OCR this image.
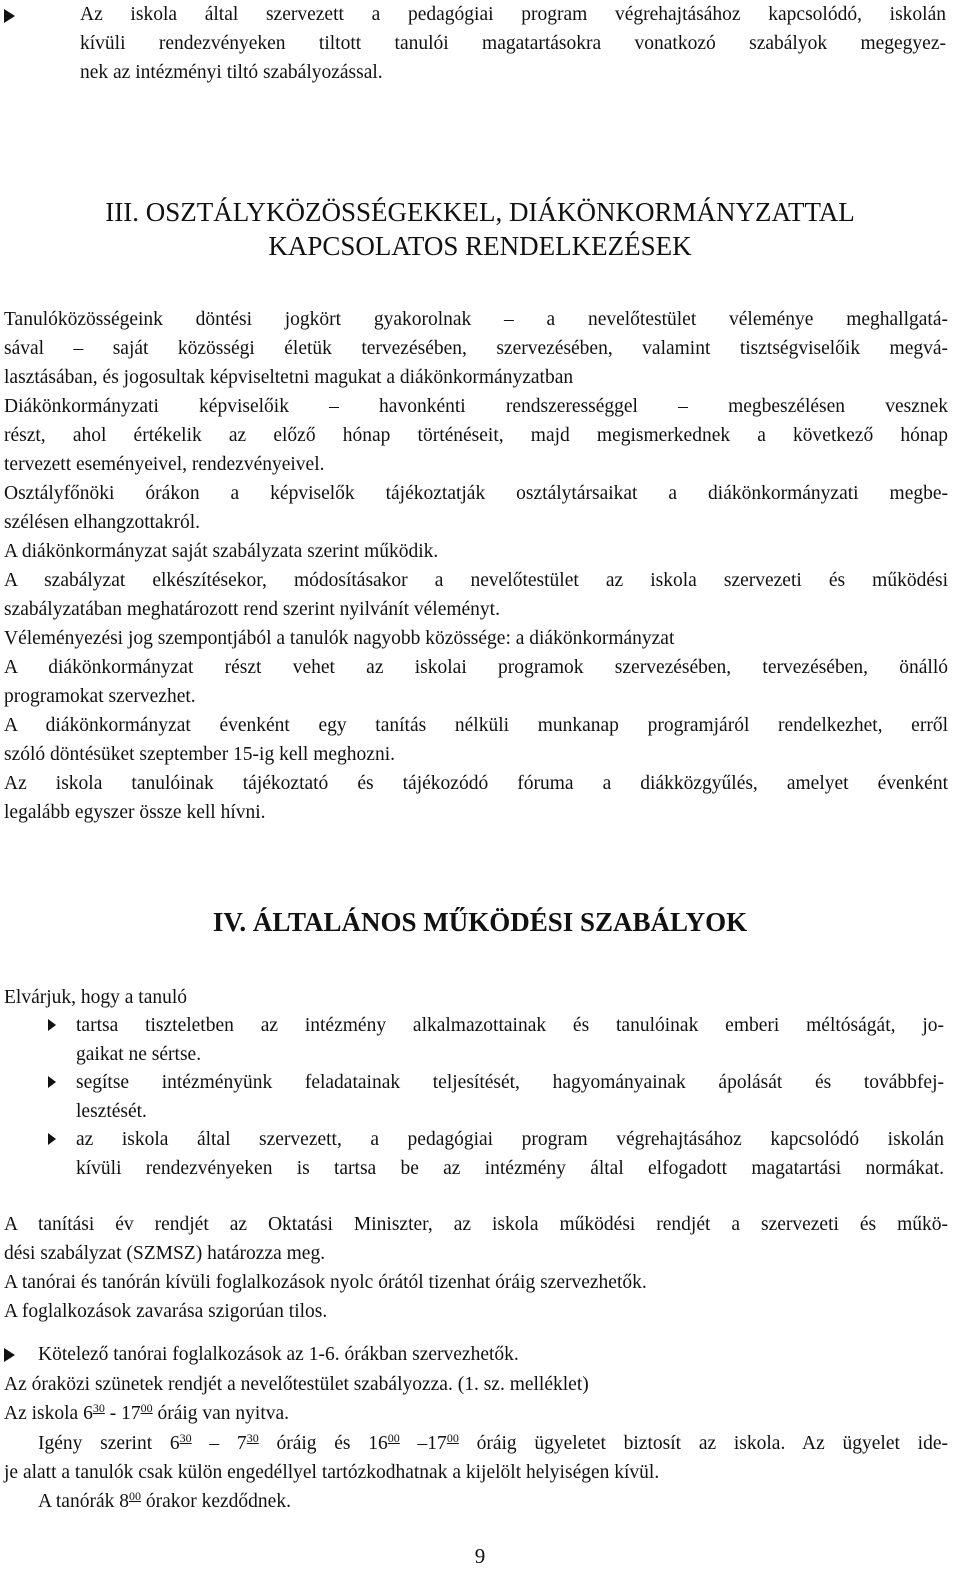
Az iskola által szervezett a pedagógiai program végrehajtásához kapcsolódó, iskolán
kívüli rendezvényeken tiltott tanulói magatartásokra vonatkozó szabályok megegyez-
nek az intézményi tiltó szabályozással.
III. OSZTÁLYKÖZÖSSÉGEKKEL, DIÁKÖNKORMÁNYZATTAL
KAPCSOLATOS RENDELKEZÉSEK
Tanulóközösségeink döntési jogkört gyakorolnak – a nevelőtestület véleménye meghallgatá-
sával – saját közösségi életük tervezésében, szervezésében, valamint tisztségviselőik megvá-
lasztásában, és jogosultak képviseltetni magukat a diákönkormányzatban
Diákönkormányzati képviselőik – havonkénti rendszerességgel – megbeszélésen vesznek
részt, ahol értékelik az előző hónap történéseit, majd megismerkednek a következő hónap
tervezett eseményeivel, rendezvényeivel.
Osztályfőnöki órákon a képviselők tájékoztatják osztálytársaikat a diákönkormányzati megbe-
szélésen elhangzottakról.
A diákönkormányzat saját szabályzata szerint működik.
A szabályzat elkészítésekor, módosításakor a nevelőtestület az iskola szervezeti és működési
szabályzatában meghatározott rend szerint nyilvánít véleményt.
Véleményezési jog szempontjából a tanulók nagyobb közössége: a diákönkormányzat
A diákönkormányzat részt vehet az iskolai programok szervezésében, tervezésében, önálló
programokat szervezhet.
A diákönkormányzat évenként egy tanítás nélküli munkanap programjáról rendelkezhet, erről
szóló döntésüket szeptember 15-ig kell meghozni.
Az iskola tanulóinak tájékoztató és tájékozódó fóruma a diákközgyűlés, amelyet évenként
legalább egyszer össze kell hívni.
IV. ÁLTALÁNOS MŰKÖDÉSI SZABÁLYOK
Elvárjuk, hogy a tanuló
tartsa tiszteletben az intézmény alkalmazottainak és tanulóinak emberi méltóságát, jo-
gaikat ne sértse.
segítse intézményünk feladatainak teljesítését, hagyományainak ápolását és továbbfej-
lesztését.
az iskola által szervezett, a pedagógiai program végrehajtásához kapcsolódó iskolán
kívüli rendezvényeken is tartsa be az intézmény által elfogadott magatartási normákat.
A tanítási év rendjét az Oktatási Miniszter, az iskola működési rendjét a szervezeti és műkö-
dési szabályzat (SZMSZ) határozza meg.
A tanórai és tanórán kívüli foglalkozások nyolc órától tizenhat óráig szervezhetők.
A foglalkozások zavarása szigorúan tilos.
Kötelező tanórai foglalkozások az 1-6. órákban szervezhetők.
Az óraközi szünetek rendjét a nevelőtestület szabályozza. (1. sz. melléklet)
Az iskola $6^{30} - 17^{00}$ óráig van nyitva.
Igény szerint $6^{30} - 7^{30}$ óráig és $16^{00}$ $-17^{00}$ óráig ügyeletet biztosít az iskola. Az ügyelet ide-
je alatt a tanulók csak külön engedéllyel tartózkodhatnak a kijelölt helyiségen kívül.
A tanórák $8^{00}$ órakor kezdődnek.
9
